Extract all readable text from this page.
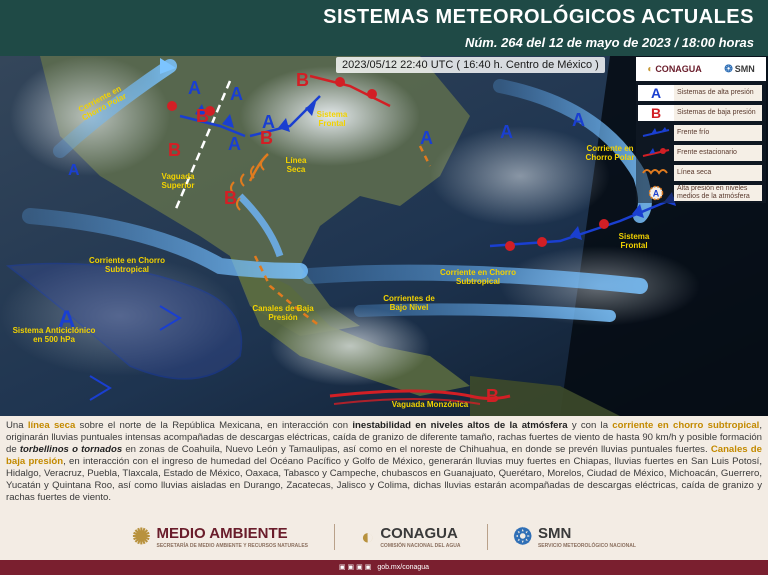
SISTEMAS METEOROLÓGICOS ACTUALES
Núm. 264 del 12 de mayo de 2023 / 18:00 horas
A A
A
A
A
A	A
A
A
B
B
B
B
B
B
Corriente en Chorro Polar
Vaguada Superior
Sistema Frontal
Línea Seca
Corriente en Chorro Polar
Sistema Frontal
Corriente en Chorro Subtropical	Corriente en Chorro Subtropical
Canales de Baja Presión
Corrientes de Bajo Nivel
Sistema Anticiclónico en 500 hPa
Vaguada Monzónica
2023/05/12 22:40 UTC ( 16:40 h. Centro de México )	◐ CONAGUA ❂ SMN
A	Sistemas de alta presión
B	Sistemas de baja presión
Frente frío
Frente estacionario
Línea seca
A	Alta presión en niveles medios de la atmósfera
Una línea seca sobre el norte de la República Mexicana, en interacción con inestabilidad en niveles altos de la atmósfera y con la corriente en chorro subtropical, originarán lluvias puntuales intensas acompañadas de descargas eléctricas, caída de granizo de diferente tamaño, rachas fuertes de viento de hasta 90 km/h y posible formación de torbellinos o tornados en zonas de Coahuila, Nuevo León y Tamaulipas, así como en el noreste de Chihuahua, en donde se prevén lluvias puntuales fuertes. Canales de baja presión, en interacción con el ingreso de humedad del Océano Pacífico y Golfo de México, generarán lluvias muy fuertes en Chiapas, lluvias fuertes en San Luis Potosí, Hidalgo, Veracruz, Puebla, Tlaxcala, Estado de México, Oaxaca, Tabasco y Campeche, chubascos en Guanajuato, Querétaro, Morelos, Ciudad de México, Michoacán, Guerrero, Yucatán y Quintana Roo, así como lluvias aisladas en Durango, Zacatecas, Jalisco y Colima, dichas lluvias estarán acompañadas de descargas eléctricas, caída de granizo y rachas fuertes de viento.
✺ MEDIO AMBIENTE
SECRETARÍA DE MEDIO AMBIENTE Y RECURSOS NATURALES ◐ CONAGUA
COMISIÓN NACIONAL DEL AGUA ❂ SMN
SERVICIO METEOROLÓGICO NACIONAL
▣▣▣▣ gob.mx/conagua
